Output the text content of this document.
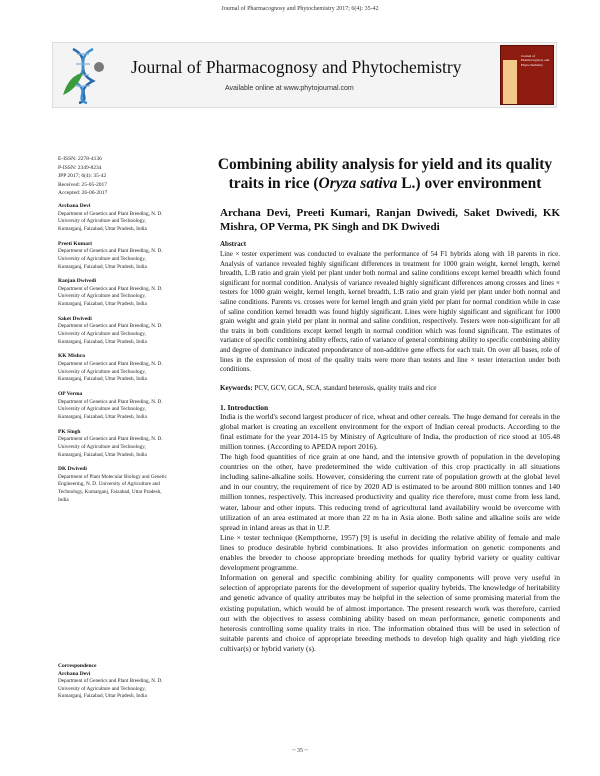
Journal of Pharmacognosy and Phytochemistry 2017; 6(4): 35-42
Journal of Pharmacognosy and Phytochemistry
Available online at www.phytojournal.com
Journal of Pharmacognosy and Phytochemistry
E-ISSN: 2278-4136
P-ISSN: 2349-8234
JPP 2017; 6(4): 35-42
Received: 25-05-2017
Accepted: 26-06-2017
Archana Devi
Department of Genetics and Plant Breeding, N. D. University of Agriculture and Technology, Kumarganj, Faizabad, Uttar Pradesh, India
Preeti Kumari
Department of Genetics and Plant Breeding, N. D. University of Agriculture and Technology, Kumarganj, Faizabad, Uttar Pradesh, India
Ranjan Dwivedi
Department of Genetics and Plant Breeding, N. D. University of Agriculture and Technology, Kumarganj, Faizabad, Uttar Pradesh, India
Saket Dwivedi
Department of Genetics and Plant Breeding, N. D. University of Agriculture and Technology, Kumarganj, Faizabad, Uttar Pradesh, India
KK Mishra
Department of Genetics and Plant Breeding, N. D. University of Agriculture and Technology, Kumarganj, Faizabad, Uttar Pradesh, India
OP Verma
Department of Genetics and Plant Breeding, N. D. University of Agriculture and Technology, Kumarganj, Faizabad, Uttar Pradesh, India
PK Singh
Department of Genetics and Plant Breeding, N. D. University of Agriculture and Technology, Kumarganj, Faizabad, Uttar Pradesh, India
DK Dwivedi
Department of Plant Molecular Biology and Genetic Engineering, N. D. University of Agriculture and Technology, Kumarganj, Faizabad, Uttar Pradesh, India
Correspondence
Archana Devi
Department of Genetics and Plant Breeding, N. D. University of Agriculture and Technology, Kumarganj, Faizabad, Uttar Pradesh, India
Combining ability analysis for yield and its quality
traits in rice (Oryza sativa L.) over environment
Archana Devi, Preeti Kumari, Ranjan Dwivedi, Saket Dwivedi, KK Mishra, OP Verma, PK Singh and DK Dwivedi
Abstract
Line × tester experiment was conducted to evaluate the performance of 54 F1 hybrids along with 18 parents in rice. Analysis of variance revealed highly significant differences in treatment for 1000 grain weight, kernel length, kernel breadth, L:B ratio and grain yield per plant under both normal and saline conditions except kernel breadth which found significant for normal condition. Analysis of variance revealed highly significant differences among crosses and lines × testers for 1000 grain weight, kernel length, kernel breadth, L:B ratio and grain yield per plant under both normal and saline conditions. Parents vs. crosses were for kernel length and grain yield per plant for normal condition while in case of saline condition kernel breadth was found highly significant. Lines were highly significant and significant for 1000 grain weight and grain yield per plant in normal and saline condition, respectively. Testers were non-significant for all the traits in both conditions except kernel length in normal condition which was found significant. The estimates of variance of specific combining ability effects, ratio of variance of general combining ability to specific combining ability and degree of dominance indicated preponderance of non-additive gene effects for each trait. On over all bases, role of lines in the expression of most of the quality traits were more than testers and line × tester interaction under both conditions.
Keywords: PCV, GCV, GCA, SCA, standard heterosis, quality traits and rice
1. Introduction

India is the world's second largest producer of rice, wheat and other cereals. The huge demand for cereals in the global market is creating an excellent environment for the export of Indian cereal products. According to the final estimate for the year 2014-15 by Ministry of Agriculture of India, the production of rice stood at 105.48 million tonnes. (According to APEDA report 2016).

The high food quantities of rice grain at one hand, and the intensive growth of population in the developing countries on the other, have predetermined the wide cultivation of this crop practically in all situations including saline-alkaline soils. However, considering the current rate of population growth at the global level and in our country, the requirement of rice by 2020 AD is estimated to be around 800 million tonnes and 140 million tonnes, respectively. This increased productivity and quality rice therefore, must come from less land, water, labour and other inputs. This reducing trend of agricultural land availability would be overcome with utilization of an area estimated at more than 22 m ha in Asia alone. Both saline and alkaline soils are wide spread in inland areas as that in U.P.

Line × tester technique (Kempthorne, 1957) [9] is useful in deciding the relative ability of female and male lines to produce desirable hybrid combinations. It also provides information on genetic components and enables the breeder to choose appropriate breeding methods for quality hybrid variety or quality cultivar development programme.

Information on general and specific combining ability for quality components will prove very useful in selection of appropriate parents for the development of superior quality hybrids. The knowledge of heritability and genetic advance of quality attributes may be helpful in the selection of some promising material from the existing population, which would be of almost importance. The present research work was therefore, carried out with the objectives to assess combining ability based on mean performance, genetic components and heterosis controlling some quality traits in rice. The information obtained thus will be used in selection of suitable parents and choice of appropriate breeding methods to develop high quality and high yielding rice cultivar(s) or hybrid variety (s).

~ 35 ~
